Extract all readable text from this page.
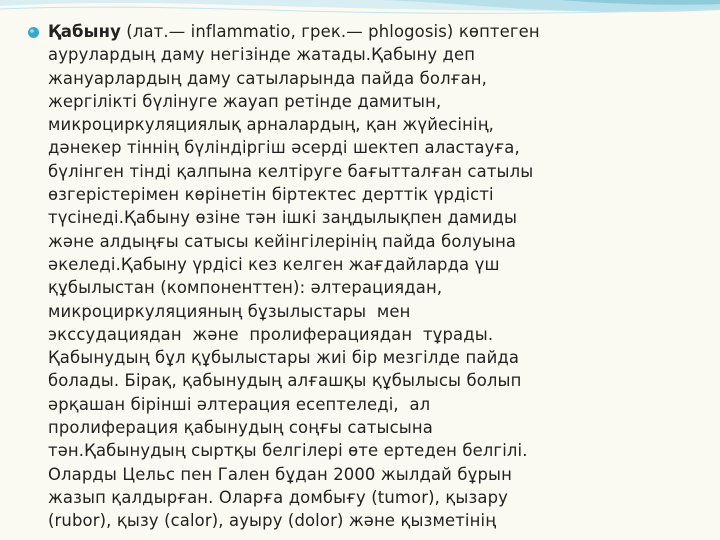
Қабыну (лат.— inflammatio, грек.— phlogosis) көптеген
аурулардың даму негізінде жатады.Қабыну деп
жануарлардың даму сатыларында пайда болған,
жергілікті бүлінуге жауап ретінде дамитын,
микроциркуляциялық арналардың, қан жүйесінің,
дәнекер тіннің бүліндіргіш әсерді шектеп аластауға,
бүлінген тінді қалпына келтіруге бағытталған сатылы
өзгерістерімен көрінетін біртектес дерттік үрдісті
түсінеді.Қабыну өзіне тән ішкі заңдылықпен дамиды
және алдыңғы сатысы кейінгілерінің пайда болуына
әкеледі.Қабыну үрдісі кез келген жағдайларда үш
құбылыстан (компоненттен): әлтерациядан,
микроциркуляцияның бұзылыстары  мен
экссудациядан  және  пролиферациядан  тұрады.
Қабынудың бұл құбылыстары жиі бір мезгілде пайда
болады. Бірақ, қабынудың алғашқы құбылысы болып
әрқашан бірінші әлтерация есептеледі,  ал
пролиферация қабынудың соңғы сатысына
тән.Қабынудың сыртқы белгілері өте ертеден белгілі.
Оларды Цельс пен Гален бұдан 2000 жылдай бұрын
жазып қалдырған. Оларға домбығу (tumor), қызару
(rubor), қызу (calor), ауыру (dolor) және қызметінің
